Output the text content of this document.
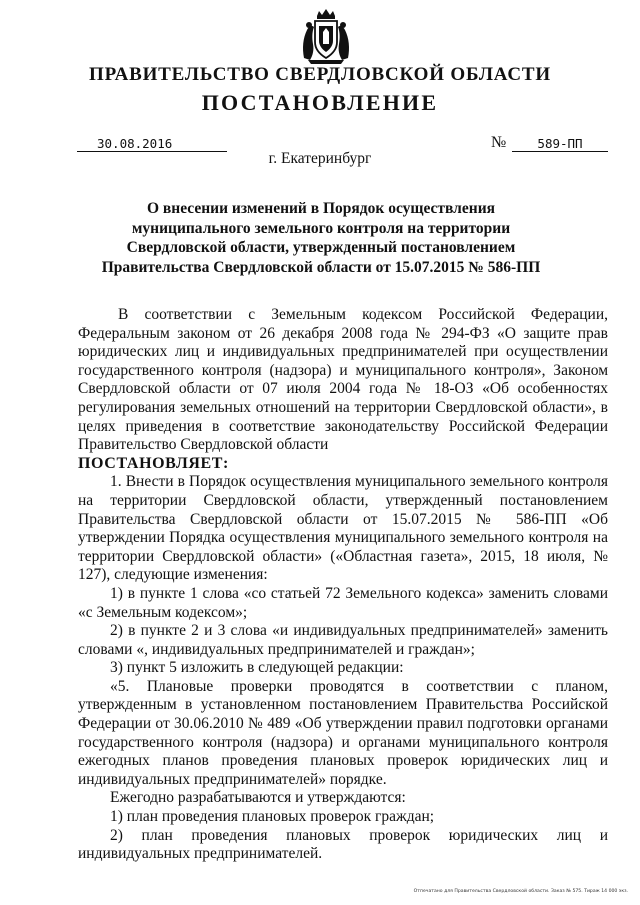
ПРАВИТЕЛЬСТВО СВЕРДЛОВСКОЙ ОБЛАСТИ
ПОСТАНОВЛЕНИЕ
30.08.2016	№	589-ПП
г. Екатеринбург
О внесении изменений в Порядок осуществления муниципального земельного контроля на территории Свердловской области, утвержденный постановлением Правительства Свердловской области от 15.07.2015 № 586-ПП

В соответствии с Земельным кодексом Российской Федерации, Федеральным законом от 26 декабря 2008 года № 294-ФЗ «О защите прав юридических лиц и индивидуальных предпринимателей при осуществлении государственного контроля (надзора) и муниципального контроля», Законом Свердловской области от 07 июля 2004 года № 18-ОЗ «Об особенностях регулирования земельных отношений на территории Свердловской области», в целях приведения в соответствие законодательству Российской Федерации Правительство Свердловской области

ПОСТАНОВЛЯЕТ:

1. Внести в Порядок осуществления муниципального земельного контроля на территории Свердловской области, утвержденный постановлением Правительства Свердловской области от 15.07.2015 № 586-ПП «Об утверждении Порядка осуществления муниципального земельного контроля на территории Свердловской области» («Областная газета», 2015, 18 июля, № 127), следующие изменения:

1) в пункте 1 слова «со статьей 72 Земельного кодекса» заменить словами «с Земельным кодексом»;

2) в пункте 2 и 3 слова «и индивидуальных предпринимателей» заменить словами «, индивидуальных предпринимателей и граждан»;

3) пункт 5 изложить в следующей редакции:

«5. Плановые проверки проводятся в соответствии с планом, утвержденным в установленном постановлением Правительства Российской Федерации от 30.06.2010 № 489 «Об утверждении правил подготовки органами государственного контроля (надзора) и органами муниципального контроля ежегодных планов проведения плановых проверок юридических лиц и индивидуальных предпринимателей» порядке.

Ежегодно разрабатываются и утверждаются:

1) план проведения плановых проверок граждан;

2) план проведения плановых проверок юридических лиц и индивидуальных предпринимателей.

Отпечатано для Правительства Свердловской области. Заказ № 575. Тираж 14 000 экз.
